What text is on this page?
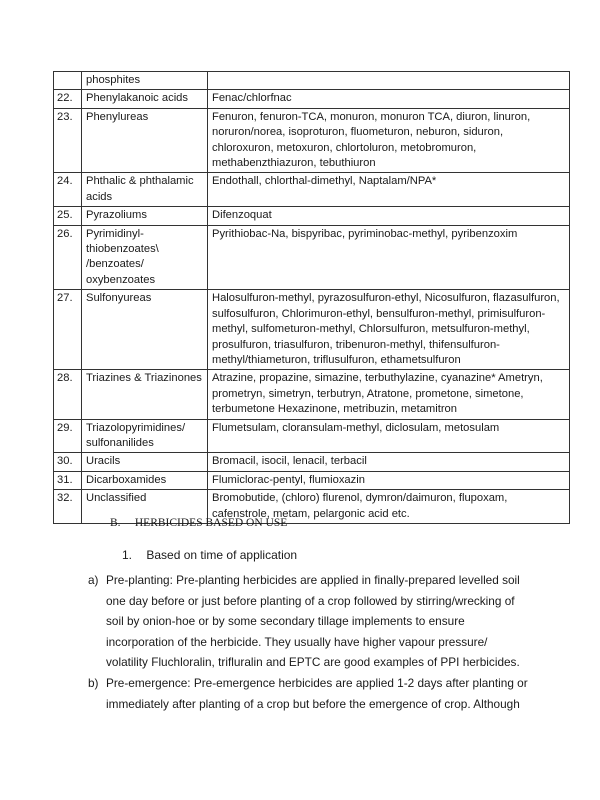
	phosphites	
22.	Phenylakanoic acids	Fenac/chlorfnac
23.	Phenylureas	Fenuron, fenuron-TCA, monuron, monuron TCA, diuron, linuron, noruron/norea, isoproturon, fluometuron, neburon, siduron, chloroxuron, metoxuron, chlortoluron, metobromuron, methabenzthiazuron, tebuthiuron
24.	Phthalic & phthalamic acids	Endothall, chlorthal-dimethyl, Naptalam/NPA*
25.	Pyrazoliums	Difenzoquat
26.	Pyrimidinyl-thiobenzoates\ /benzoates/ oxybenzoates	Pyrithiobac-Na, bispyribac, pyriminobac-methyl, pyribenzoxim
27.	Sulfonyureas	Halosulfuron-methyl, pyrazosulfuron-ethyl, Nicosulfuron, flazasulfuron, sulfosulfuron, Chlorimuron-ethyl, bensulfuron-methyl, primisulfuron-methyl, sulfometuron-methyl, Chlorsulfuron, metsulfuron-methyl, prosulfuron, triasulfuron, tribenuron-methyl, thifensulfuron-methyl/thiameturon, triflusulfuron, ethametsulfuron
28.	Triazines & Triazinones	Atrazine, propazine, simazine, terbuthylazine, cyanazine* Ametryn, prometryn, simetryn, terbutryn, Atratone, prometone, simetone, terbumetone Hexazinone, metribuzin, metamitron
29.	Triazolopyrimidines/ sulfonanilides	Flumetsulam, cloransulam-methyl, diclosulam, metosulam
30.	Uracils	Bromacil, isocil, lenacil, terbacil
31.	Dicarboxamides	Flumiclorac-pentyl, flumioxazin
32.	Unclassified	Bromobutide, (chloro) flurenol, dymron/daimuron, flupoxam, cafenstrole, metam, pelargonic acid etc.
B. HERBICIDES BASED ON USE
1. Based on time of application
a) Pre-planting: Pre-planting herbicides are applied in finally-prepared levelled soil
one day before or just before planting of a crop followed by stirring/wrecking of
soil by onion-hoe or by some secondary tillage implements to ensure
incorporation of the herbicide. They usually have higher vapour pressure/
volatility Fluchloralin, trifluralin and EPTC are good examples of PPI herbicides.
b) Pre-emergence: Pre-emergence herbicides are applied 1-2 days after planting or
immediately after planting of a crop but before the emergence of crop. Although
